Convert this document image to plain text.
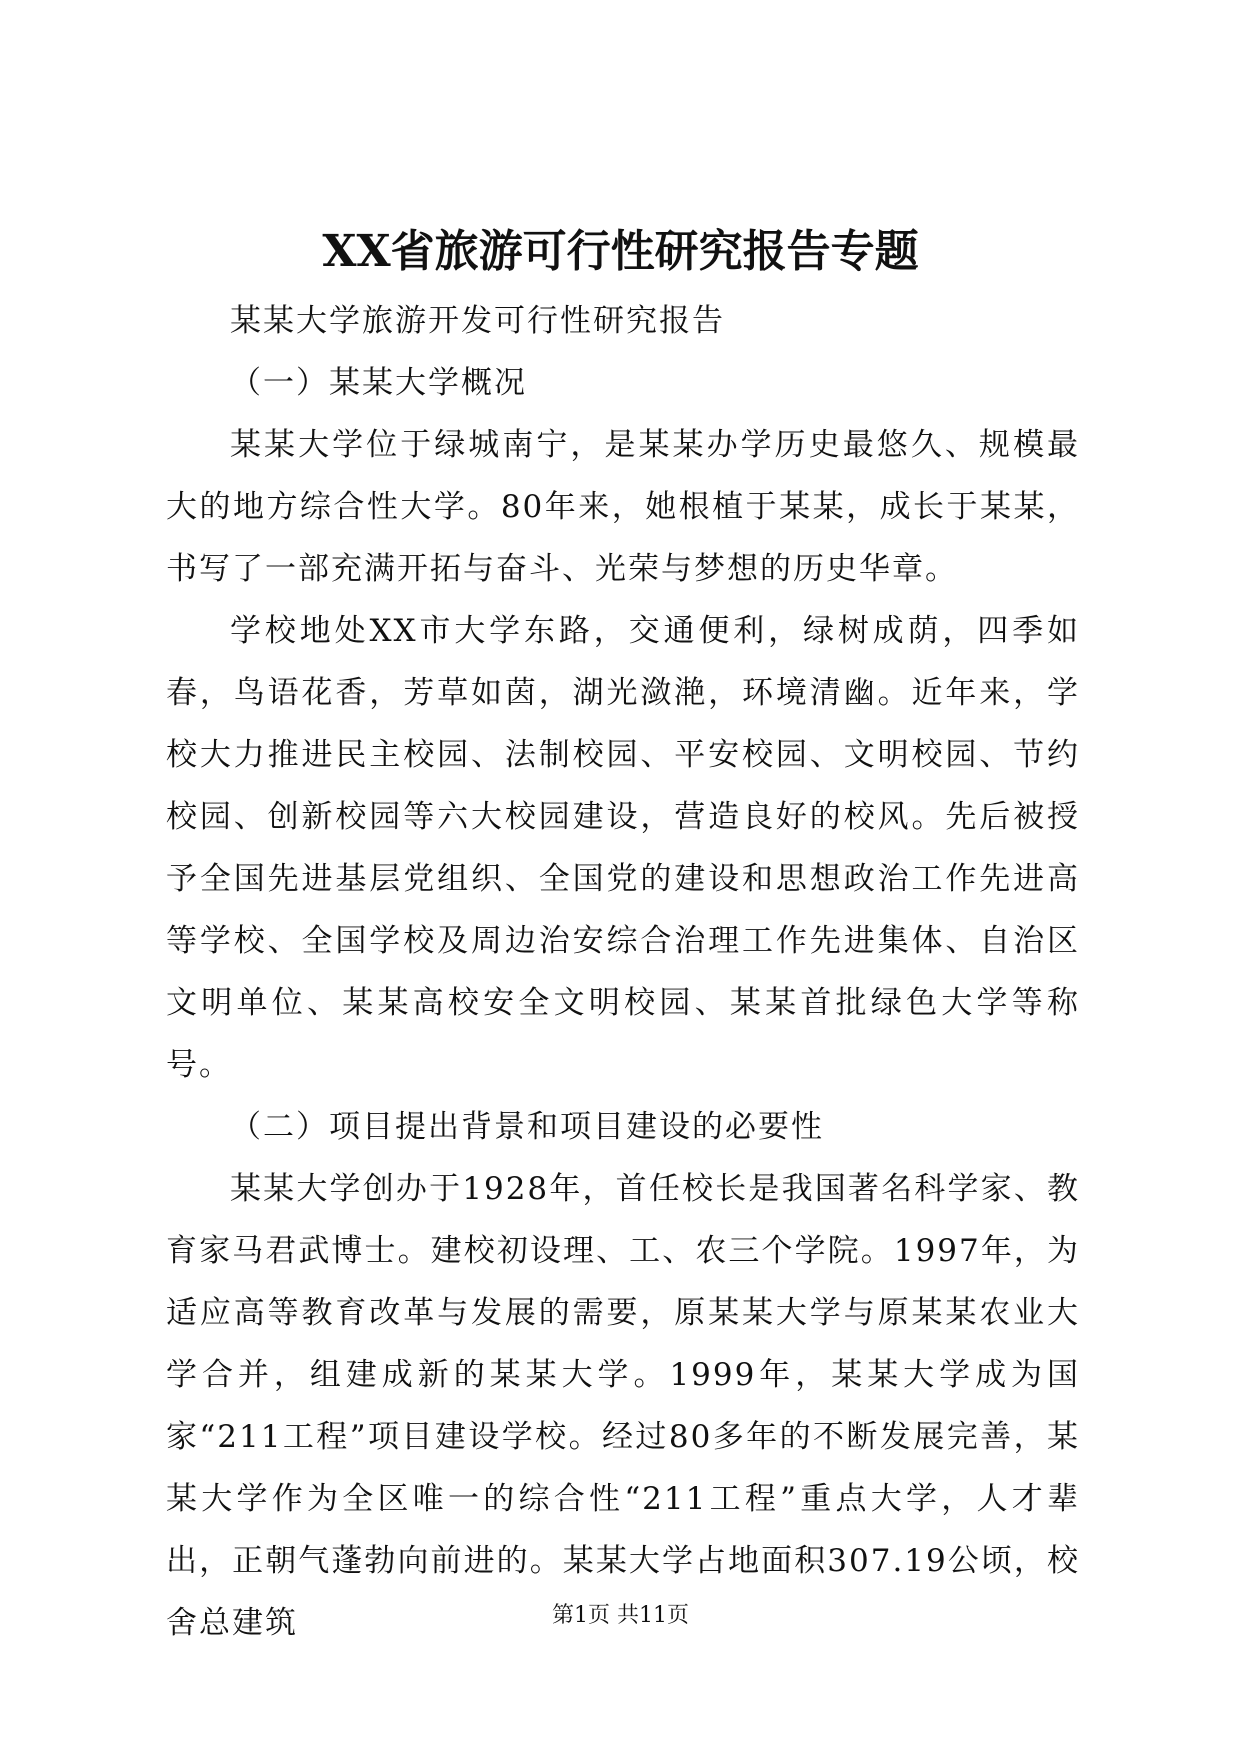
XX省旅游可行性研究报告专题

某某大学旅游开发可行性研究报告

（一）某某大学概况

某某大学位于绿城南宁，是某某办学历史最悠久、规模最大的地方综合性大学。80年来，她根植于某某，成长于某某，书写了一部充满开拓与奋斗、光荣与梦想的历史华章。

学校地处XX市大学东路，交通便利，绿树成荫，四季如春，鸟语花香，芳草如茵，湖光潋滟，环境清幽。近年来，学校大力推进民主校园、法制校园、平安校园、文明校园、节约校园、创新校园等六大校园建设，营造良好的校风。先后被授予全国先进基层党组织、全国党的建设和思想政治工作先进高等学校、全国学校及周边治安综合治理工作先进集体、自治区文明单位、某某高校安全文明校园、某某首批绿色大学等称号。

（二）项目提出背景和项目建设的必要性

某某大学创办于1928年，首任校长是我国著名科学家、教育家马君武博士。建校初设理、工、农三个学院。1997年，为适应高等教育改革与发展的需要，原某某大学与原某某农业大学合并，组建成新的某某大学。1999年，某某大学成为国家“211工程”项目建设学校。经过80多年的不断发展完善，某某大学作为全区唯一的综合性“211工程”重点大学，人才辈出，正朝气蓬勃向前进的。某某大学占地面积307.19公顷，校舍总建筑	第1页 共11页
